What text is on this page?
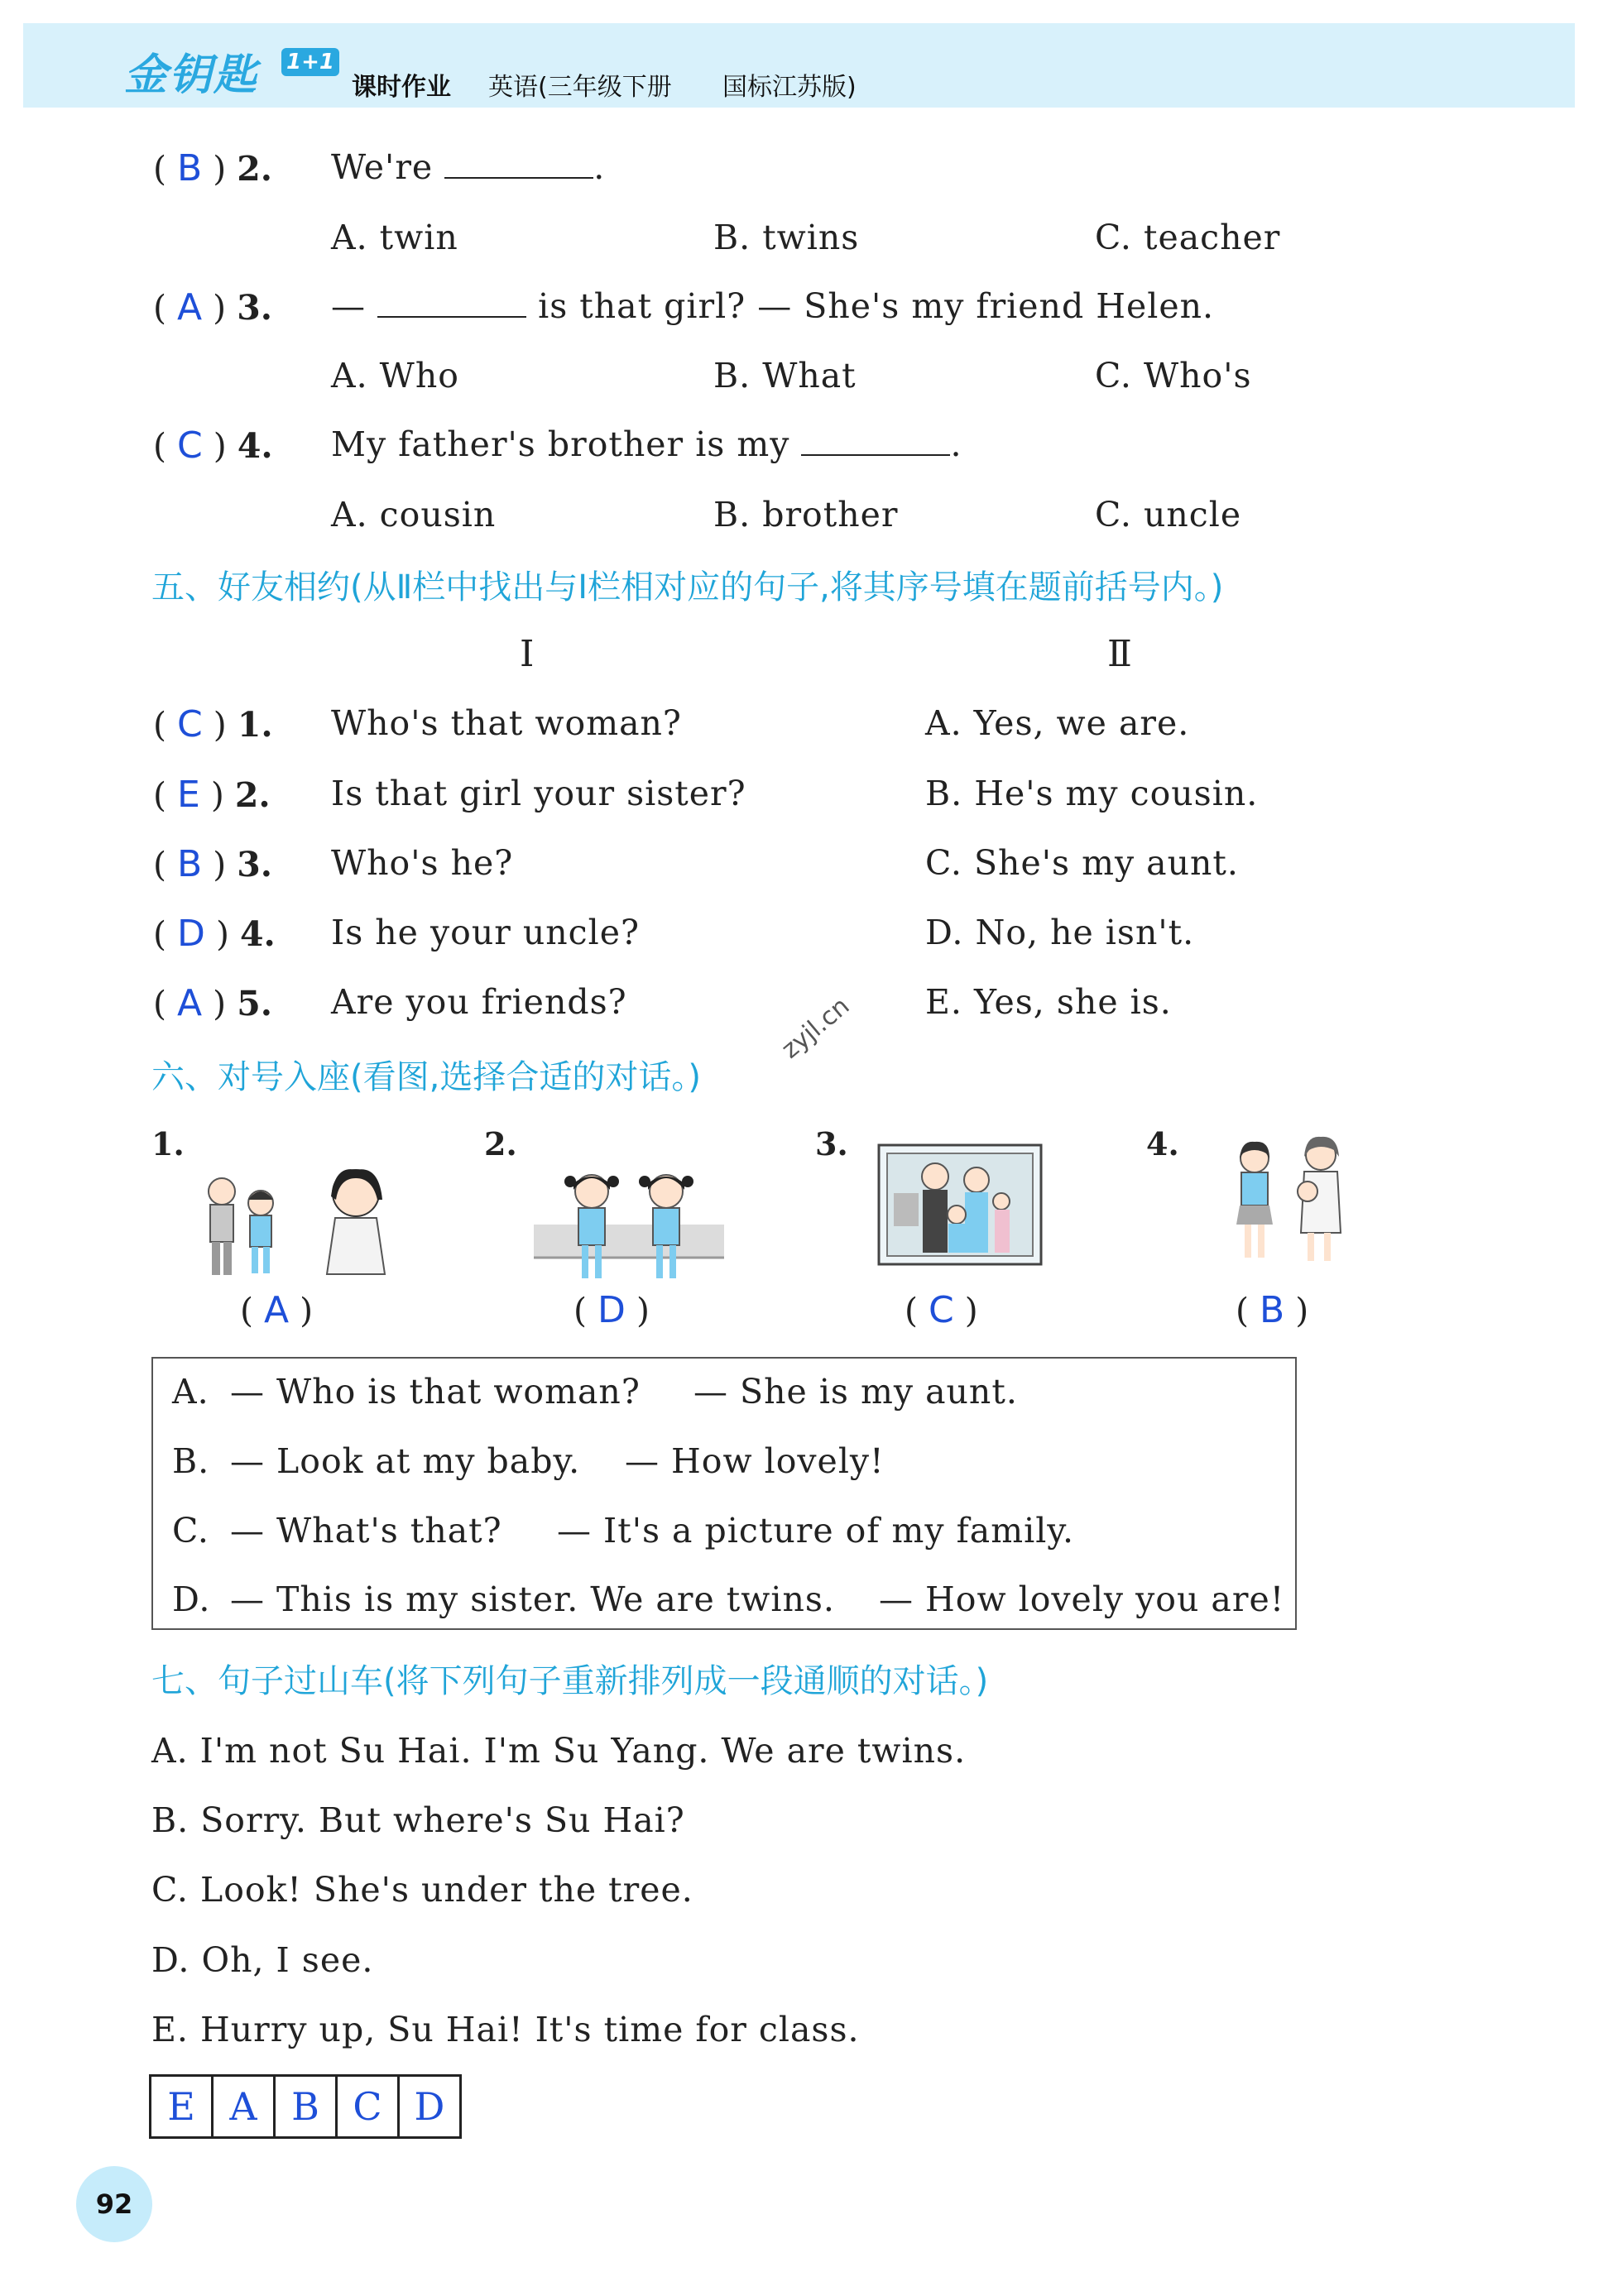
金钥匙 1+1
课时作业 英语(三年级下册 国标江苏版)
( B ) 2. We're	.
A. twin	B. twins	C. teacher
( A ) 3. —	is that girl? — She's my friend Helen.
A. Who	B. What	C. Who's
( C ) 4. My father's brother is my	.
A. cousin	B. brother	C. uncle
五、好友相约(从Ⅱ栏中找出与Ⅰ栏相对应的句子,将其序号填在题前括号内。)
Ⅰ	Ⅱ
( C ) 1. Who's that woman?	A. Yes, we are.
( E ) 2. Is that girl your sister?	B. He's my cousin.
( B ) 3. Who's he?	C. She's my aunt.
( D ) 4. Is he your uncle?	D. No, he isn't.
( A ) 5. Are you friends?	E. Yes, she is.
zyjl.cn
六、对号入座(看图,选择合适的对话。)
1.	2.	3.	4.
( A )	( D )	( C )	( B )
A. — Who is that woman? — She is my aunt.
B. — Look at my baby. — How lovely!
C. — What's that? — It's a picture of my family.
D. — This is my sister. We are twins. — How lovely you are!
七、句子过山车(将下列句子重新排列成一段通顺的对话。)
A. I'm not Su Hai. I'm Su Yang. We are twins.
B. Sorry. But where's Su Hai?
C. Look! She's under the tree.
D. Oh, I see.
E. Hurry up, Su Hai! It's time for class.
E A B C D
92
